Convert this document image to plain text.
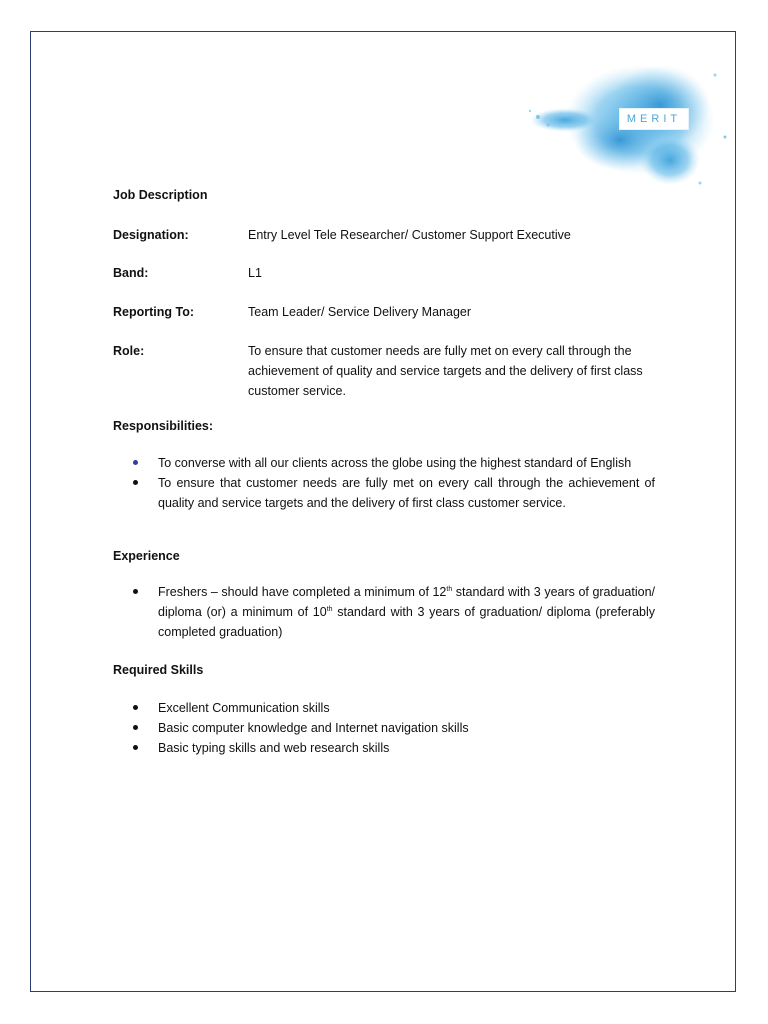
MERIT
Job Description
Designation:	Entry Level Tele Researcher/ Customer Support Executive
Band:	L1
Reporting To:	Team Leader/ Service Delivery Manager
Role:	To ensure that customer needs are fully met on every call through the achievement of quality and service targets and the delivery of first class customer service.
Responsibilities:
To converse with all our clients across the globe using the highest standard of English
To ensure that customer needs are fully met on every call through the achievement of quality and service targets and the delivery of first class customer service.
Experience
Freshers – should have completed a minimum of 12th standard with 3 years of graduation/ diploma (or) a minimum of 10th standard with 3 years of graduation/ diploma (preferably completed graduation)
Required Skills
Excellent Communication skills
Basic computer knowledge and Internet navigation skills
Basic typing skills and web research skills
